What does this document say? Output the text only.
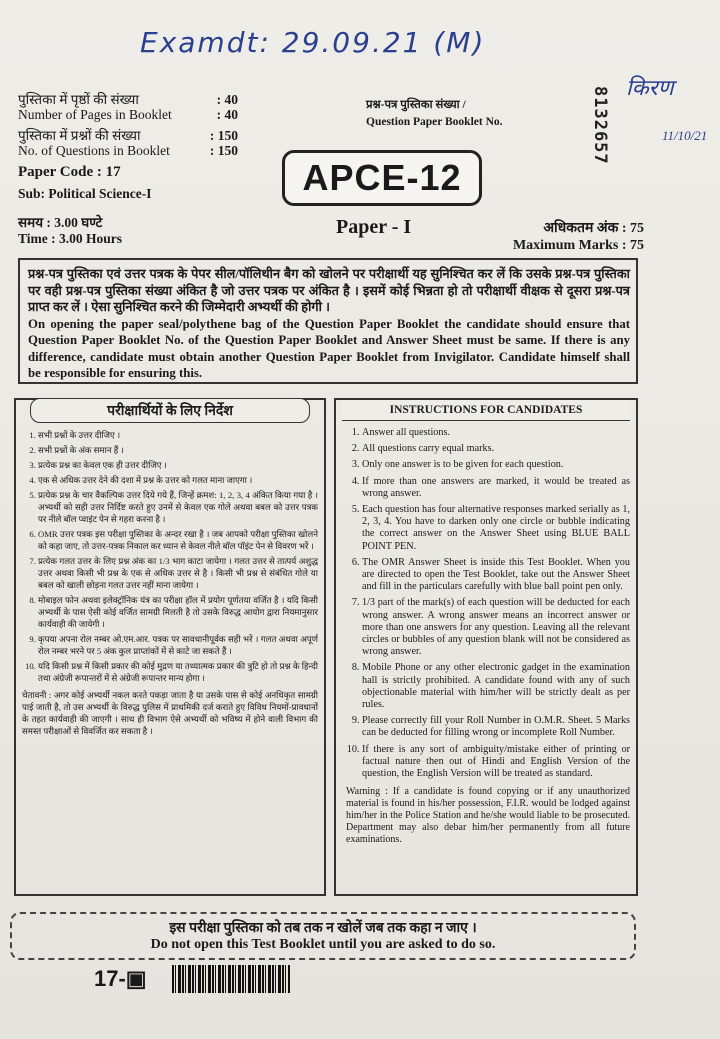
Examdt: 29.09.21 (M)
किरण
11/10/21
8132657
पुस्तिका में पृष्ठों की संख्या	: 40
Number of Pages in Booklet	: 40
पुस्तिका में प्रश्नों की संख्या	: 150
No. of Questions in Booklet	: 150
Paper Code : 17
Sub: Political Science-I
प्रश्न-पत्र पुस्तिका संख्या /
Question Paper Booklet No.
APCE-12
समय : 3.00 घण्टे
Time : 3.00 Hours
Paper - I	अधिकतम अंक : 75
Maximum Marks : 75

प्रश्न-पत्र पुस्तिका एवं उत्तर पत्रक के पेपर सील/पॉलिथीन बैग को खोलने पर परीक्षार्थी यह सुनिश्चित कर लें कि उसके प्रश्न-पत्र पुस्तिका पर वही प्रश्न-पत्र पुस्तिका संख्या अंकित है जो उत्तर पत्रक पर अंकित है । इसमें कोई भिन्नता हो तो परीक्षार्थी वीक्षक से दूसरा प्रश्न-पत्र प्राप्त कर लें । ऐसा सुनिश्चित करने की जिम्मेदारी अभ्यर्थी की होगी ।

On opening the paper seal/polythene bag of the Question Paper Booklet the candidate should ensure that Question Paper Booklet No. of the Question Paper Booklet and Answer Sheet must be same. If there is any difference, candidate must obtain another Question Paper Booklet from Invigilator. Candidate himself shall be responsible for ensuring this.

परीक्षार्थियों के लिए निर्देश
1. सभी प्रश्नों के उत्तर दीजिए ।
2. सभी प्रश्नों के अंक समान हैं ।
3. प्रत्येक प्रश्न का केवल एक ही उत्तर दीजिए ।
4. एक से अधिक उत्तर देने की दशा में प्रश्न के उत्तर को गलत माना जाएगा ।
5. प्रत्येक प्रश्न के चार वैकल्पिक उत्तर दिये गये हैं, जिन्हें क्रमश: 1, 2, 3, 4 अंकित किया गया है । अभ्यर्थी को सही उत्तर निर्दिष्ट करते हुए उनमें से केवल एक गोले अथवा बबल को उत्तर पत्रक पर नीले बॉल प्वाइंट पेन से गहरा करना है ।
6. OMR उत्तर पत्रक इस परीक्षा पुस्तिका के अन्दर रखा है । जब आपको परीक्षा पुस्तिका खोलने को कहा जाए, तो उत्तर-पत्रक निकाल कर ध्यान से केवल नीले बॉल पॉइंट पेन से विवरण भरें ।
7. प्रत्येक गलत उत्तर के लिए प्रश्न अंक का 1/3 भाग काटा जायेगा । गलत उत्तर से तात्पर्य अशुद्ध उत्तर अथवा किसी भी प्रश्न के एक से अधिक उत्तर से है । किसी भी प्रश्न से संबंधित गोले या बबल को खाली छोड़ना गलत उत्तर नहीं माना जायेगा ।
8. मोबाइल फोन अथवा इलेक्ट्रॉनिक यंत्र का परीक्षा हॉल में प्रयोग पूर्णतया वर्जित है । यदि किसी अभ्यर्थी के पास ऐसी कोई वर्जित सामग्री मिलती है तो उसके विरुद्ध आयोग द्वारा नियमानुसार कार्यवाही की जायेगी ।
9. कृपया अपना रोल नम्बर ओ.एम.आर. पत्रक पर सावधानीपूर्वक सही भरें । गलत अथवा अपूर्ण रोल नम्बर भरने पर 5 अंक कुल प्राप्तांकों में से काटे जा सकते हैं ।
10. यदि किसी प्रश्न में किसी प्रकार की कोई मुद्रण या तथ्यात्मक प्रकार की त्रुटि हो तो प्रश्न के हिन्दी तथा अंग्रेजी रूपान्तरों में से अंग्रेजी रूपान्तर मान्य होगा ।
चेतावनी : अगर कोई अभ्यर्थी नकल करते पकड़ा जाता है या उसके पास से कोई अनधिकृत सामग्री पाई जाती है, तो उस अभ्यर्थी के विरुद्ध पुलिस में प्राथमिकी दर्ज कराते हुए विविध नियमों-प्रावधानों के तहत कार्यवाही की जाएगी । साथ ही विभाग ऐसे अभ्यर्थी को भविष्य में होने वाली विभाग की समस्त परीक्षाओं से विवर्जित कर सकता है ।
INSTRUCTIONS FOR CANDIDATES
1. Answer all questions.
2. All questions carry equal marks.
3. Only one answer is to be given for each question.
4. If more than one answers are marked, it would be treated as wrong answer.
5. Each question has four alternative responses marked serially as 1, 2, 3, 4. You have to darken only one circle or bubble indicating the correct answer on the Answer Sheet using BLUE BALL POINT PEN.
6. The OMR Answer Sheet is inside this Test Booklet. When you are directed to open the Test Booklet, take out the Answer Sheet and fill in the particulars carefully with blue ball point pen only.
7. 1/3 part of the mark(s) of each question will be deducted for each wrong answer. A wrong answer means an incorrect answer or more than one answers for any question. Leaving all the relevant circles or bubbles of any question blank will not be considered as wrong answer.
8. Mobile Phone or any other electronic gadget in the examination hall is strictly prohibited. A candidate found with any of such objectionable material with him/her will be strictly dealt as per rules.
9. Please correctly fill your Roll Number in O.M.R. Sheet. 5 Marks can be deducted for filling wrong or incomplete Roll Number.
10. If there is any sort of ambiguity/mistake either of printing or factual nature then out of Hindi and English Version of the question, the English Version will be treated as standard.
Warning : If a candidate is found copying or if any unauthorized material is found in his/her possession, F.I.R. would be lodged against him/her in the Police Station and he/she would liable to be prosecuted. Department may also debar him/her permanently from all future examinations.
इस परीक्षा पुस्तिका को तब तक न खोलें जब तक कहा न जाए ।
Do not open this Test Booklet until you are asked to do so.
17-▣
